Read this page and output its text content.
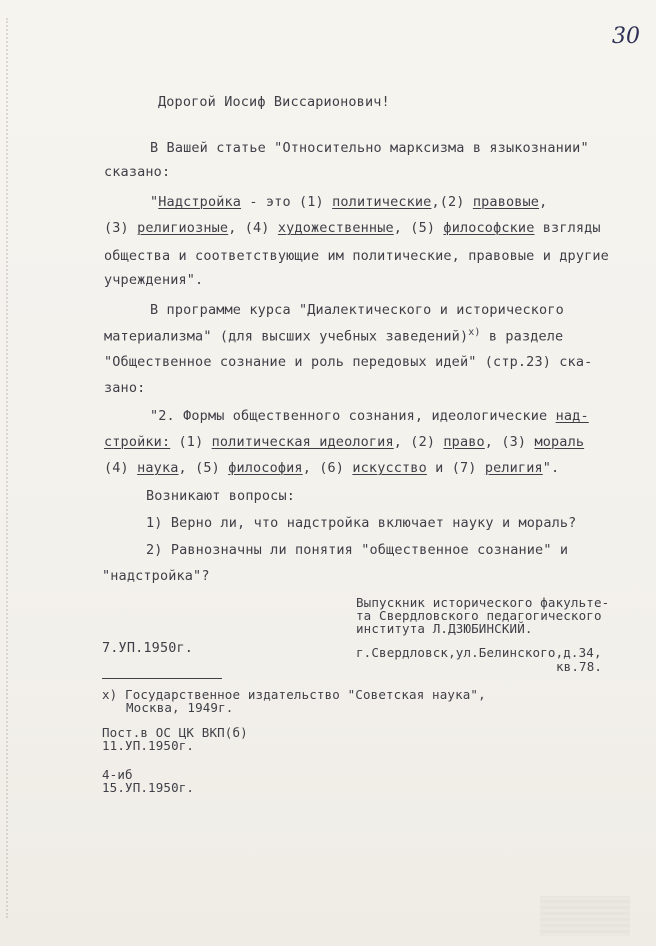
30
Дорогой Иосиф Виссарионович!
В Вашей статье "Относительно марксизма в языкознании"
сказано:
"Надстройка - это (1) политические,(2) правовые,
(3) религиозные, (4) художественные, (5) философские взгляды
общества и соответствующие им политические, правовые и другие
учреждения".
В программе курса "Диалектического и исторического
материализма" (для высших учебных заведений)$^{x)}$ в разделе
"Общественное сознание и роль передовых идей" (стр.23) ска-
зано:
"2. Формы общественного сознания, идеологические над-
стройки: (1) политическая идеология, (2) право, (3) мораль
(4) наука, (5) философия, (6) искусство и (7) религия".
Возникают вопросы:
1) Верно ли, что надстройка включает науку и мораль?
2) Равнозначны ли понятия "общественное сознание" и
"надстройка"?
Выпускник исторического факульте-
та Свердловского педагогического
института Л.ДЗЮБИНСКИЙ.
7.УП.1950г.	г.Свердловск,ул.Белинского,д.34,
кв.78.
x) Государственное издательство "Советская наука",
Москва, 1949г.
Пост.в ОС ЦК ВКП(б)
11.УП.1950г.
4-иб
15.УП.1950г.
